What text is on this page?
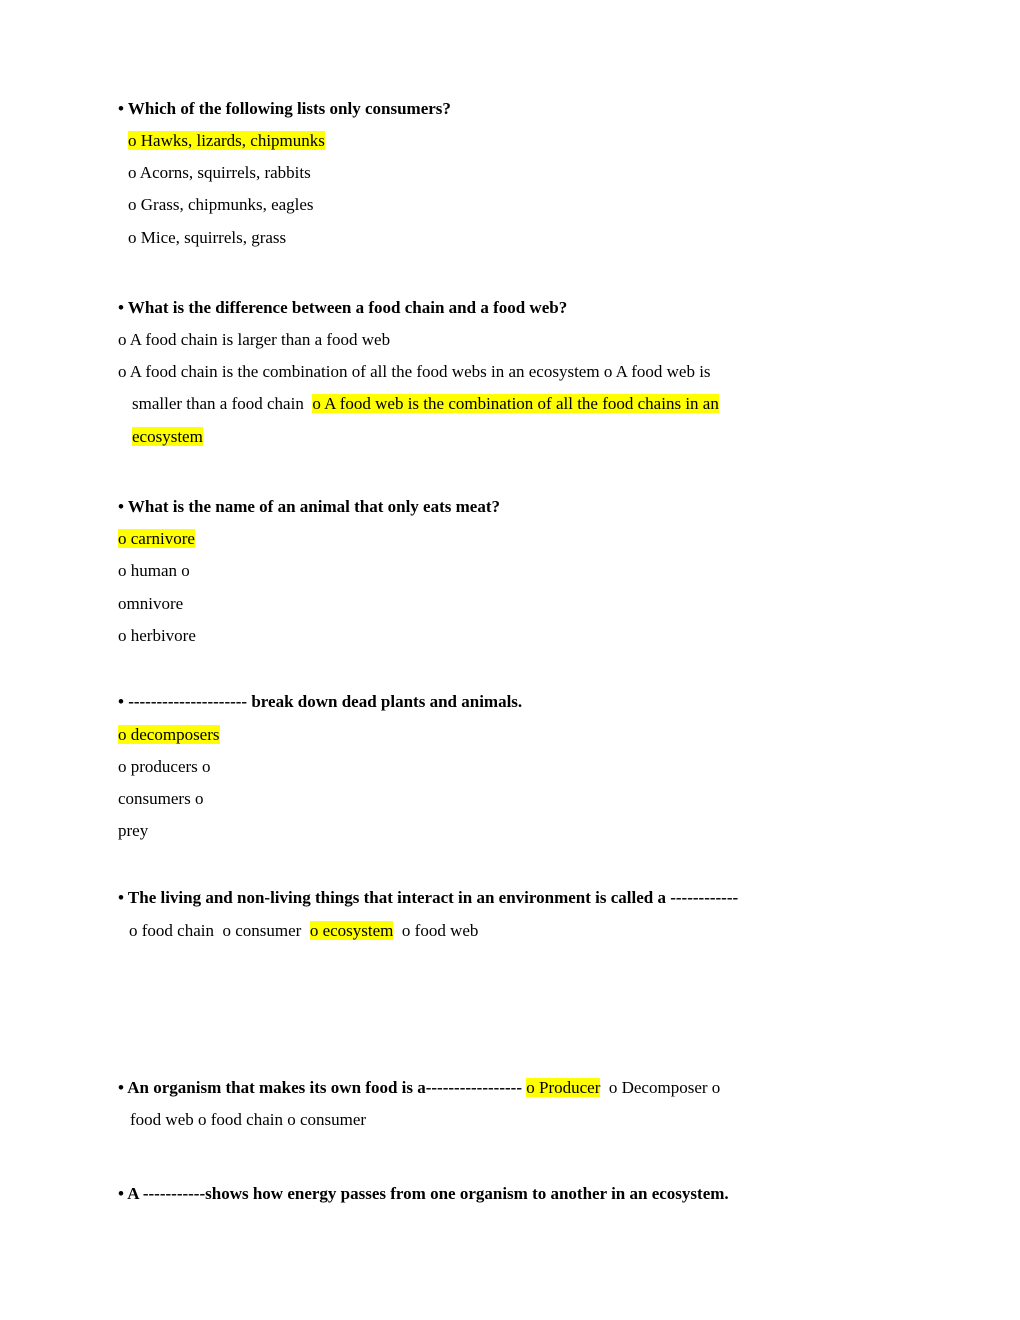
• Which of the following lists only consumers?
o Hawks, lizards, chipmunks
o Acorns, squirrels, rabbits
o Grass, chipmunks, eagles
o Mice, squirrels, grass
• What is the difference between a food chain and a food web?
o A food chain is larger than a food web
o A food chain is the combination of all the food webs in an ecosystem o A food web is
smaller than a food chain o A food web is the combination of all the food chains in an
ecosystem
• What is the name of an animal that only eats meat?
o carnivore
o human o
omnivore
o herbivore
• --------------------- break down dead plants and animals.
o decomposers
o producers o
consumers o
prey
• The living and non-living things that interact in an environment is called a ------------
o food chain o consumer o ecosystem o food web
• An organism that makes its own food is a----------------- o Producer o Decomposer o
food web o food chain o consumer
• A -----------shows how energy passes from one organism to another in an ecosystem.
